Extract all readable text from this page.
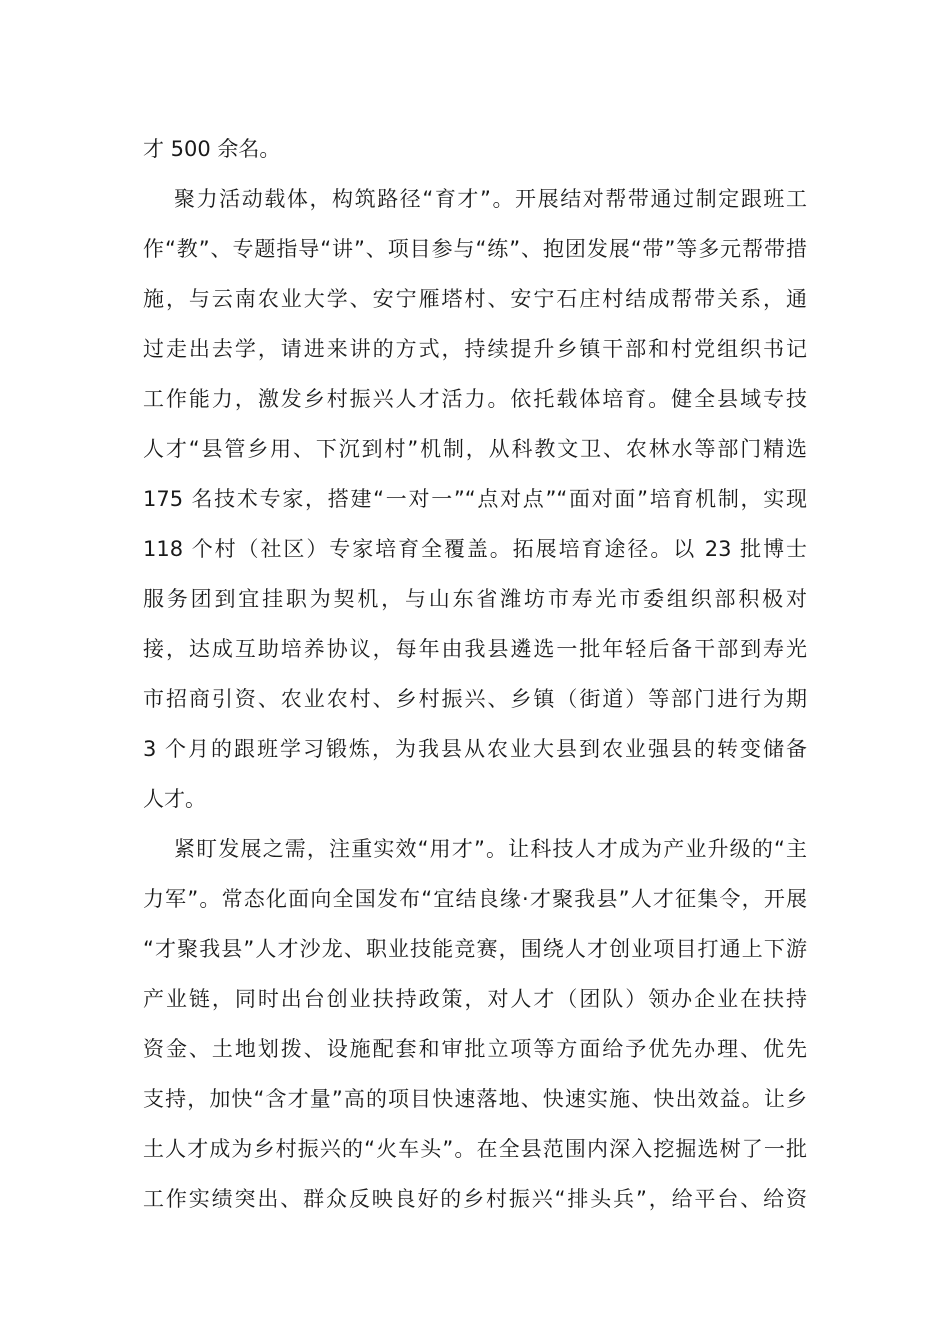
才 500 余名。
聚力活动载体，构筑路径“育才”。开展结对帮带通过制定跟班工
作“教”、专题指导“讲”、项目参与“练”、抱团发展“带”等多元帮带措
施，与云南农业大学、安宁雁塔村、安宁石庄村结成帮带关系，通
过走出去学，请进来讲的方式，持续提升乡镇干部和村党组织书记
工作能力，激发乡村振兴人才活力。依托载体培育。健全县域专技
人才“县管乡用、下沉到村”机制，从科教文卫、农林水等部门精选
175 名技术专家，搭建“一对一”“点对点”“面对面”培育机制，实现
118 个村（社区）专家培育全覆盖。拓展培育途径。以 23 批博士
服务团到宜挂职为契机，与山东省潍坊市寿光市委组织部积极对
接，达成互助培养协议，每年由我县遴选一批年轻后备干部到寿光
市招商引资、农业农村、乡村振兴、乡镇（街道）等部门进行为期
3 个月的跟班学习锻炼，为我县从农业大县到农业强县的转变储备
人才。
紧盯发展之需，注重实效“用才”。让科技人才成为产业升级的“主
力军”。常态化面向全国发布“宜结良缘·才聚我县”人才征集令，开展
“才聚我县”人才沙龙、职业技能竞赛，围绕人才创业项目打通上下游
产业链，同时出台创业扶持政策，对人才（团队）领办企业在扶持
资金、土地划拨、设施配套和审批立项等方面给予优先办理、优先
支持，加快“含才量”高的项目快速落地、快速实施、快出效益。让乡
土人才成为乡村振兴的“火车头”。在全县范围内深入挖掘选树了一批
工作实绩突出、群众反映良好的乡村振兴“排头兵”，给平台、给资
